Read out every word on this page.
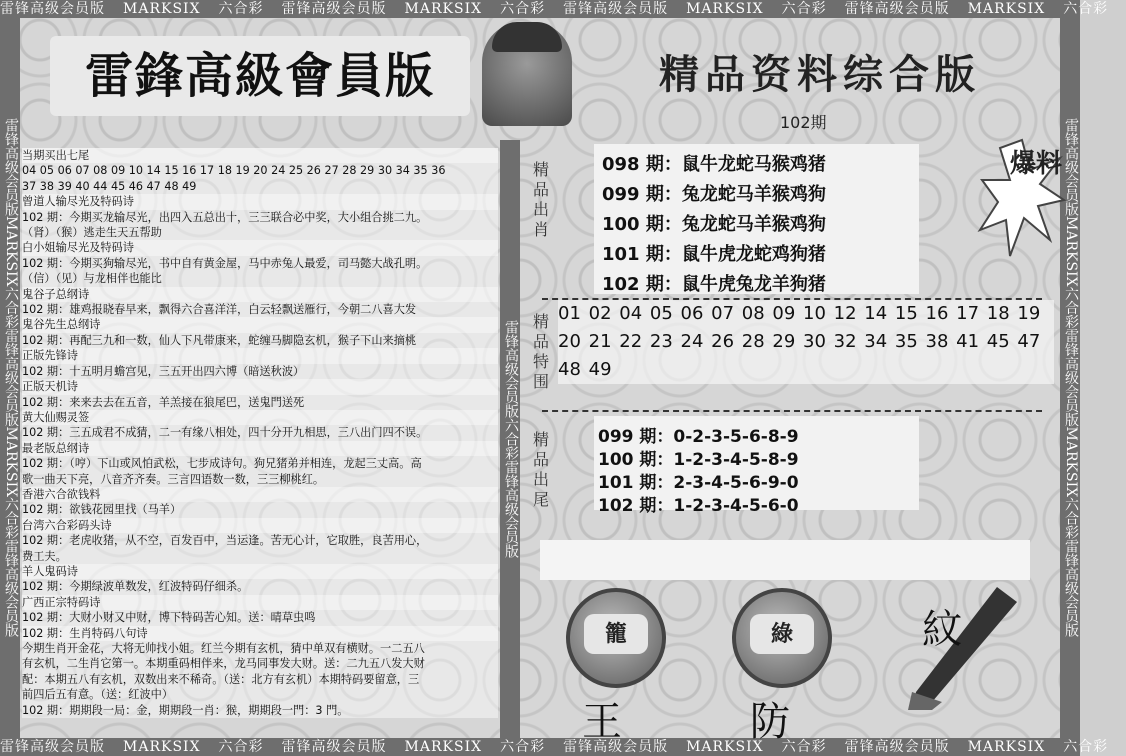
雷锋高级会员版 MARKSIX 六合彩 雷锋高级会员版 MARKSIX 六合彩 雷锋高级会员版 MARKSIX 六合彩 雷锋高级会员版 MARKSIX 六合彩
雷锋高级会员版 MARKSIX 六合彩 雷锋高级会员版 MARKSIX 六合彩 雷锋高级会员版 MARKSIX 六合彩 雷锋高级会员版 MARKSIX 六合彩
雷锋高级会员版MARKSIX六合彩雷锋高级会员版MARKSIX六合彩雷锋高级会员版	雷锋高级会员版MARKSIX六合彩雷锋高级会员版MARKSIX六合彩雷锋高级会员版
雷锋高级会员版六合彩雷锋高级会员版
雷鋒高級會員版	精品资料综合版
102期
当期买出七尾
04 05 06 07 08 09 10 14 15 16 17 18 19 20 24 25 26 27 28 29 30 34 35 36
37 38 39 40 44 45 46 47 48 49
曾道人输尽光及特码诗
102 期：今期买龙输尽光，出四入五总出十，三三联合必中奖，大小组合挑二九。
（肾）（猴）逃走生天五帮助
白小姐输尽光及特码诗
102 期：今期买狗输尽光，书中自有黄金屋，马中赤兔人最爱，司马懿大战孔明。
（信）（见）与龙相伴也能比
鬼谷子总纲诗
102 期：雄鸡报晓春早来，飘得六合喜洋洋，白云轻飘送雁行，今朝二八喜大发
鬼谷先生总纲诗
102 期：再配三九和一数，仙人下凡带康来，蛇缠马脚隐玄机，猴子下山来摘桃
正版先锋诗
102 期：十五明月蟾宫见，三五开出四六博（暗送秋波）
正版天机诗
102 期：来来去去在五音，羊羔接在狼尾巴，送鬼門送死
黄大仙赐灵签
102 期：三五成君不成猜，二一有缘八相处，四十分开九相思，三八出门四不误。
最老版总纲诗
102 期：（哼）下山或风怕武松，七步成诗句。狗兄猪弟并相连，龙起三丈高。高
歌一曲天下亮，八音齐齐奏。三言四语数一数，三三柳桃红。
香港六合欲钱料
102 期：欲钱花园里找（马羊）
台湾六合彩码头诗
102 期：老虎收猪，从不空，百发百中，当运逢。苦无心计，它取胜，良苦用心，
费工夫。
羊人鬼码诗
102 期：今期绿波单数发，红波特码仔细杀。
广西正宗特码诗
102 期：大财小财又中财，博下特码苦心知。送：晴草虫鸣
102 期：生肖特码八句诗
今期生肖开金花，大将无帅找小姐。红兰今期有玄机，猜中单双有横财。一二五八
有玄机，二生肖它第一。本期重码相伴来，龙马同事发大财。送：二九五八发大财
配：本期五八有玄机，双数出来不稀奇。（送：北方有玄机）本期特码要留意，三
前四后五有意。（送：红波中）
102 期：期期段一局：金，期期段一肖：猴，期期段一門：3 門。
精品出肖
098 期：鼠牛龙蛇马猴鸡猪
099 期：兔龙蛇马羊猴鸡狗
100 期：兔龙蛇马羊猴鸡狗
101 期：鼠牛虎龙蛇鸡狗猪
102 期：鼠牛虎兔龙羊狗猪
爆料
精品特围
01 02 04 05 06 07 08 09 10 12 14 15 16 17 18 19 20 21 22 23 24 26 28 29 30 32 34 35 38 41 45 47 48 49
精品出尾
099 期：0-2-3-5-6-8-9
100 期：1-2-3-4-5-8-9
101 期：2-3-4-5-6-9-0
102 期：1-2-3-4-5-6-0
籠	綠
王	防
紋
